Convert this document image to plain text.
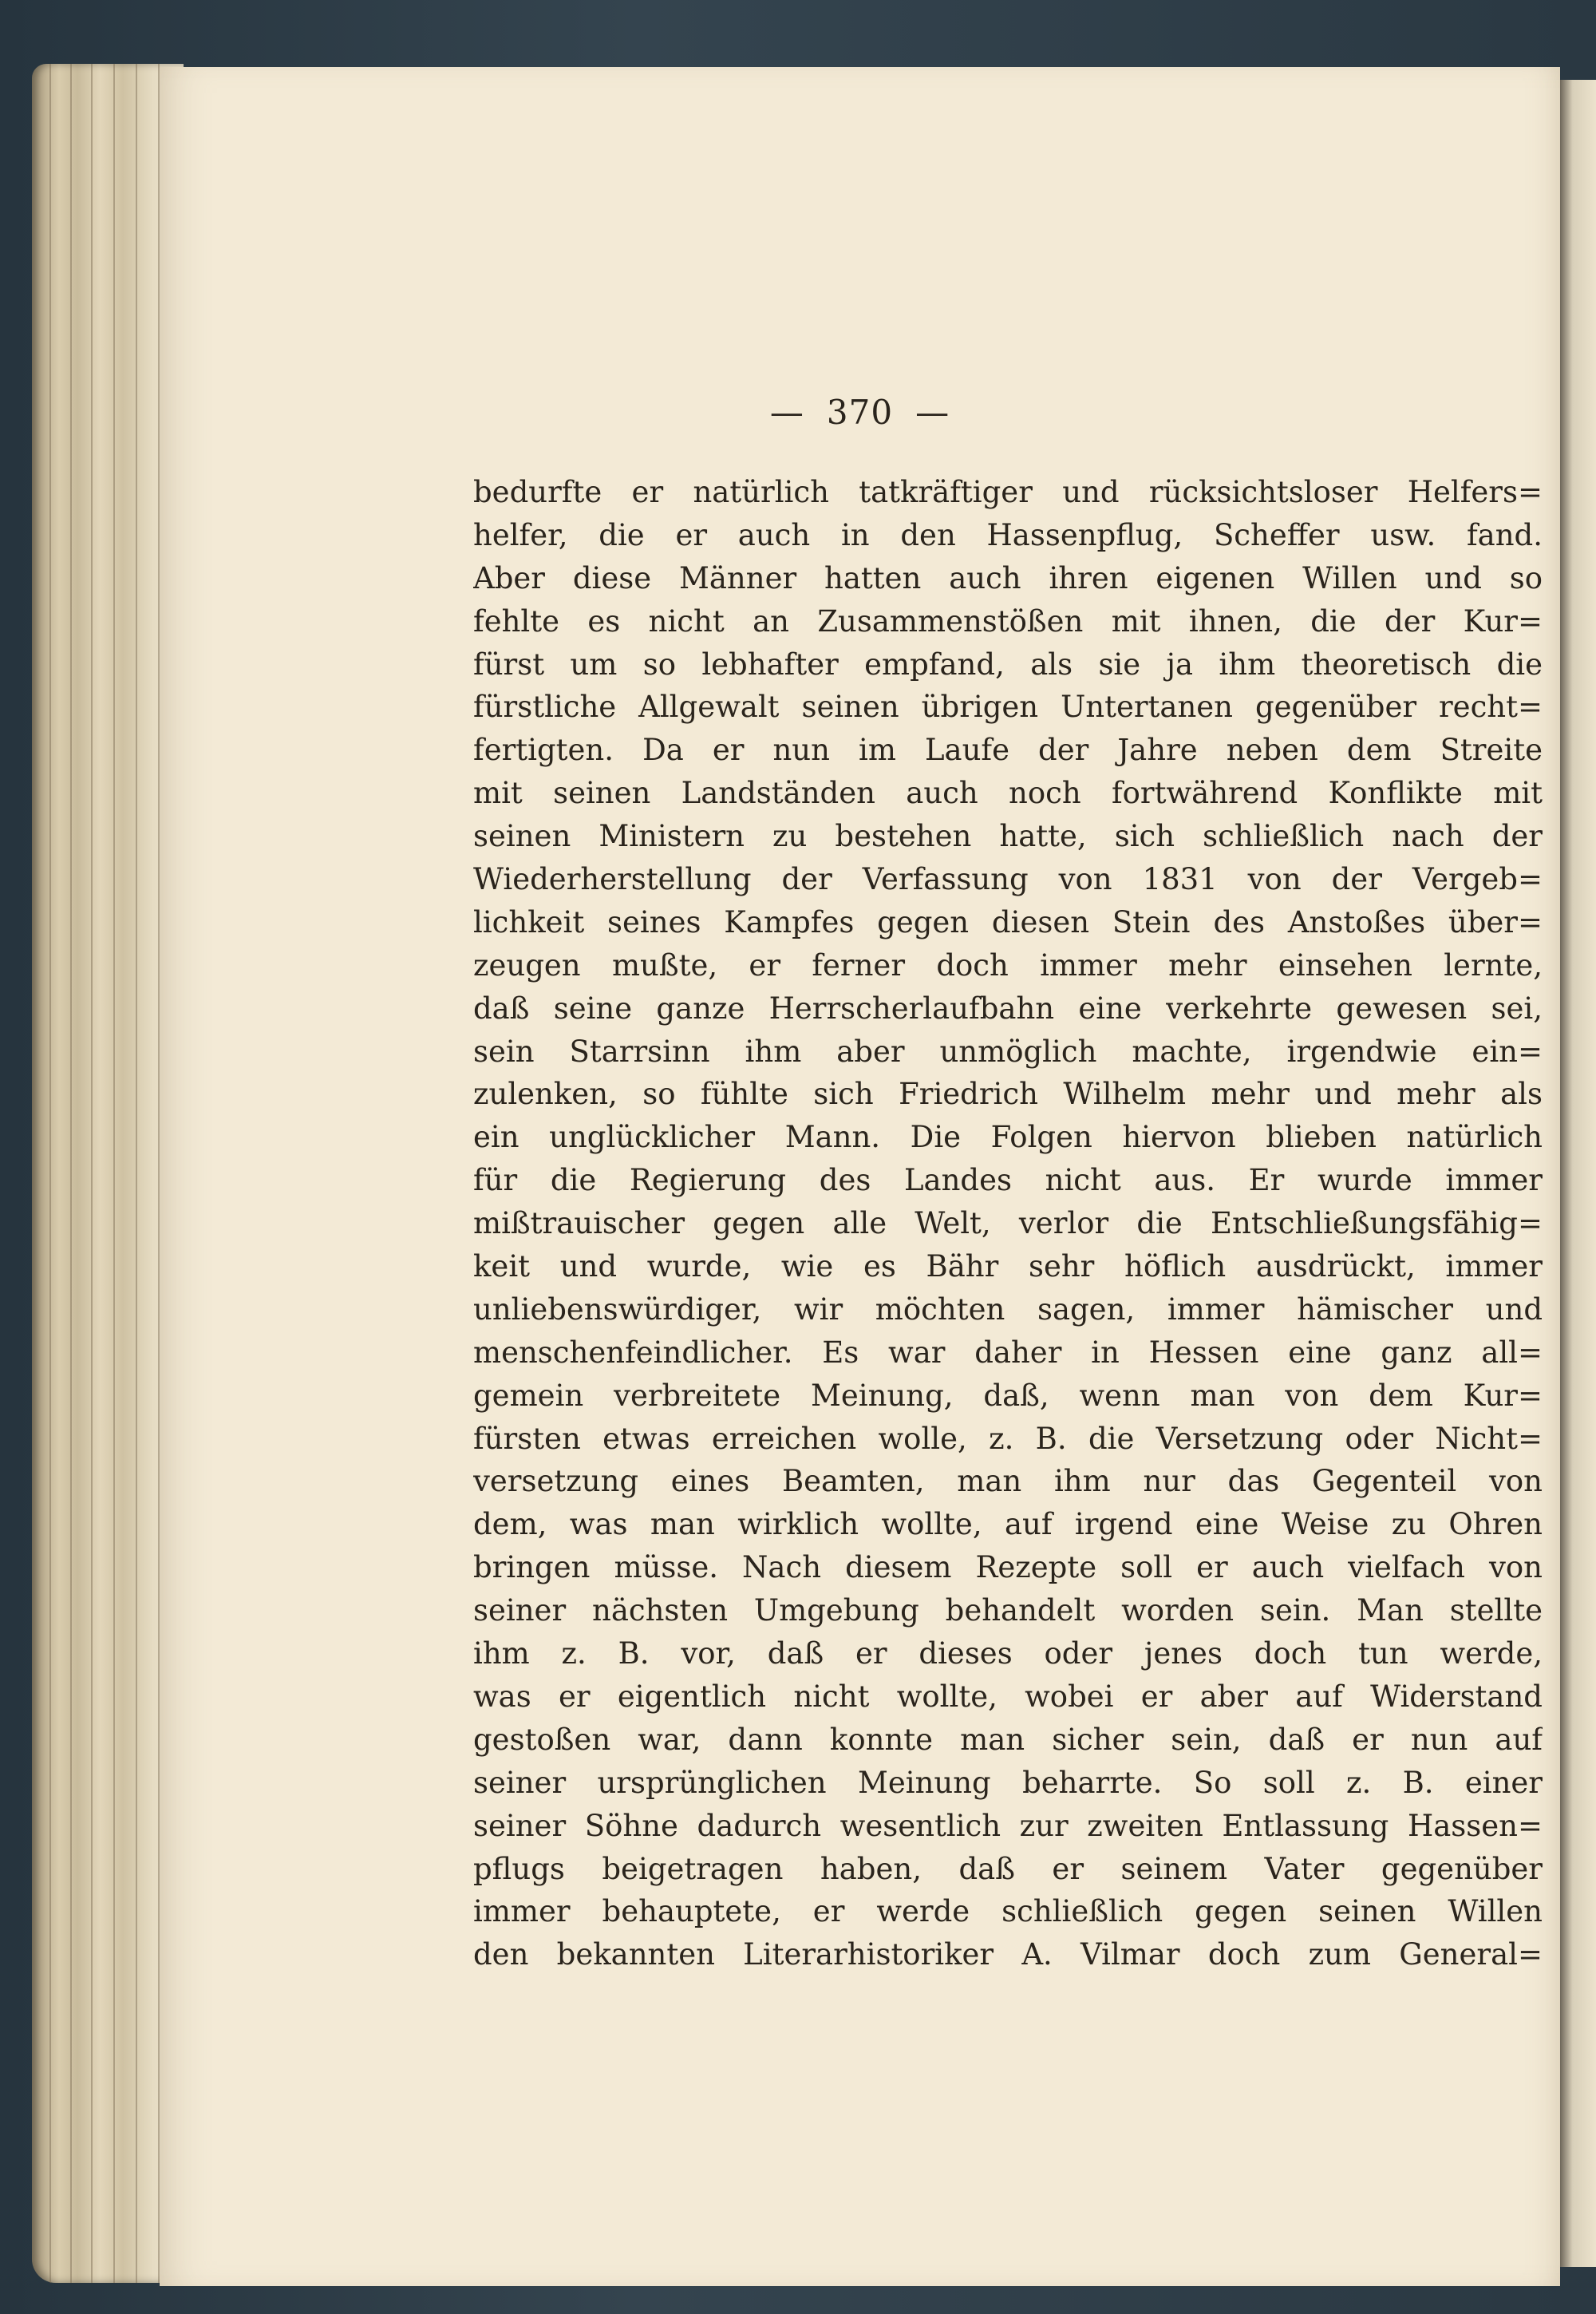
— 370 —
bedurfte er natürlich tatkräftiger und rücksichtsloser Helfers=
helfer, die er auch in den Hassenpflug, Scheffer usw. fand.
Aber diese Männer hatten auch ihren eigenen Willen und so
fehlte es nicht an Zusammenstößen mit ihnen, die der Kur=
fürst um so lebhafter empfand, als sie ja ihm theoretisch die
fürstliche Allgewalt seinen übrigen Untertanen gegenüber recht=
fertigten. Da er nun im Laufe der Jahre neben dem Streite
mit seinen Landständen auch noch fortwährend Konflikte mit
seinen Ministern zu bestehen hatte, sich schließlich nach der
Wiederherstellung der Verfassung von 1831 von der Vergeb=
lichkeit seines Kampfes gegen diesen Stein des Anstoßes über=
zeugen mußte, er ferner doch immer mehr einsehen lernte,
daß seine ganze Herrscherlaufbahn eine verkehrte gewesen sei,
sein Starrsinn ihm aber unmöglich machte, irgendwie ein=
zulenken, so fühlte sich Friedrich Wilhelm mehr und mehr als
ein unglücklicher Mann. Die Folgen hiervon blieben natürlich
für die Regierung des Landes nicht aus. Er wurde immer
mißtrauischer gegen alle Welt, verlor die Entschließungsfähig=
keit und wurde, wie es Bähr sehr höflich ausdrückt, immer
unliebenswürdiger, wir möchten sagen, immer hämischer und
menschenfeindlicher. Es war daher in Hessen eine ganz all=
gemein verbreitete Meinung, daß, wenn man von dem Kur=
fürsten etwas erreichen wolle, z. B. die Versetzung oder Nicht=
versetzung eines Beamten, man ihm nur das Gegenteil von
dem, was man wirklich wollte, auf irgend eine Weise zu Ohren
bringen müsse. Nach diesem Rezepte soll er auch vielfach von
seiner nächsten Umgebung behandelt worden sein. Man stellte
ihm z. B. vor, daß er dieses oder jenes doch tun werde,
was er eigentlich nicht wollte, wobei er aber auf Widerstand
gestoßen war, dann konnte man sicher sein, daß er nun auf
seiner ursprünglichen Meinung beharrte. So soll z. B. einer
seiner Söhne dadurch wesentlich zur zweiten Entlassung Hassen=
pflugs beigetragen haben, daß er seinem Vater gegenüber
immer behauptete, er werde schließlich gegen seinen Willen
den bekannten Literarhistoriker A. Vilmar doch zum General=
